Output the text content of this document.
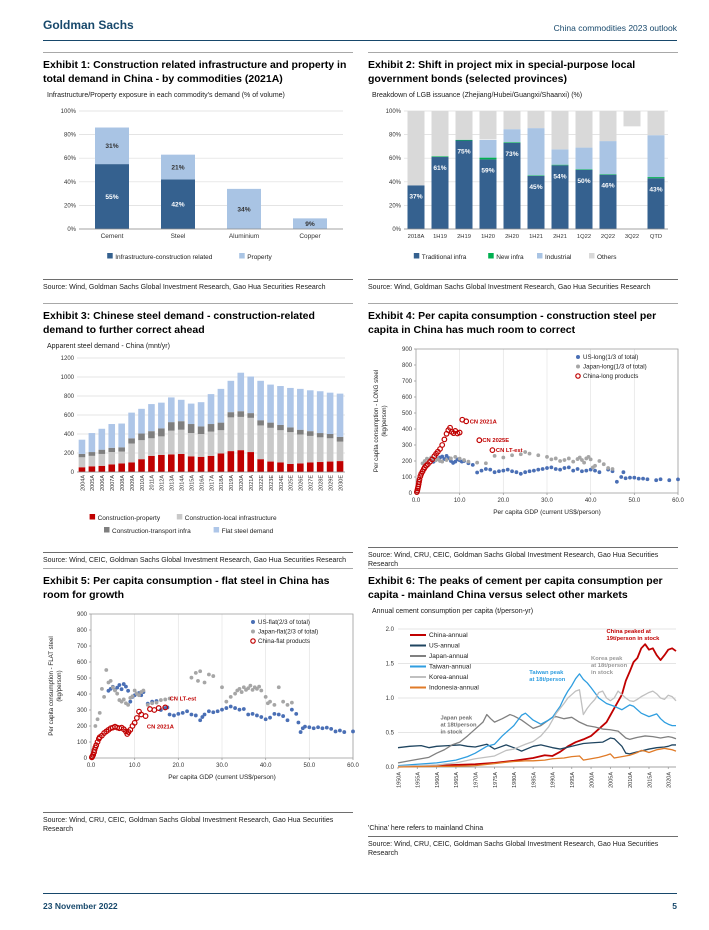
Goldman Sachs	China commodities 2023 outlook
Exhibit 1: Construction related infrastructure and property in total demand in China - by commodities (2021A)
Infrastructure/Property exposure in each commodity's demand (% of volume)
0%
20%
40%
60%
80%
100%
55%
31%
Cement
42%
21%
Steel
34%
Aluminium
9%
Copper
Infrastructure-construction related	Property
Source: Wind, Goldman Sachs Global Investment Research, Gao Hua Securities Research
Exhibit 2: Shift in project mix in special-purpose local government bonds (selected provinces)
Breakdown of LGB issuance (Zhejiang/Hubei/Guangxi/Shaanxi) (%)
0%
20%
40%
60%
80%
100%
37%
2018A
61%
1H19
75%
2H19
59%
1H20
73%
2H20
45%
1H21
54%
2H21
50%
1Q22
46%
2Q22 3Q22
43%
QTD
Traditional infra	New infra	Industrial	Others
Source: Wind, Goldman Sachs Global Investment Research, Gao Hua Securities Research
Exhibit 3: Chinese steel demand - construction-related demand to further correct ahead
Apparent steel demand - China (mnt/yr)
0
200
400
600
800
1000
1200
2004A 2005A 2006A 2007A 2008A 2009A 2010A 2011A 2012A 2013A 2014A 2015A 2016A 2017A 2018A 2019A 2020A 2021A 2022E 2023E 2024E 2025E 2026E 2027E 2028E 2029E 2030E
Construction-property	Construction-local infrastructure
Construction-transport infra	Flat steel demand
Source: Wind, CEIC, Goldman Sachs Global Investment Research, Gao Hua Securities Research
Exhibit 4: Per capita consumption - construction steel per capita in China has much room to correct
0
100
200
300
400
500
600
700
800
900
0.0	10.0	20.0	30.0	40.0	50.0	60.0
US-long(1/3 of total)
Japan-long(1/3 of total)
China-long products
CN 2021A
CN 2025E
CN LT-est
Per capita GDP (current US$/person)
Per capita consumption - LONG steel (kg/person)
Source: Wind, CRU, CEIC, Goldman Sachs Global Investment Research, Gao Hua Securities Research
Exhibit 5: Per capita consumption - flat steel in China has room for growth
0
100
200
300
400
500
600
700
800
900
0.0	10.0	20.0	30.0	40.0	50.0	60.0
US-flat(2/3 of total)
Japan-flat(2/3 of total)
China-flat products
CN LT-est
CN 2021A
Per capita GDP (current US$/person)
Per capita consumption - FLAT steel (kg/person)
Source: Wind, CRU, CEIC, Goldman Sachs Global Investment Research, Gao Hua Securities Research
Exhibit 6: The peaks of cement per capita consumption per capita - mainland China versus select other markets
Annual cement consumption per capita (t/person-yr)
0.0
0.5
1.0
1.5
2.0
1950A 1955A 1960A 1965A 1970A 1975A 1980A 1985A 1990A 1995A 2000A 2005A 2010A 2015A 2020A
China-annual
US-annual
Japan-annual
Taiwan-annual
Korea-annual
Indonesia-annual
China peaked at
19t/person in stock
Korea peak
at 18t/person
in stock
Taiwan peak
at 18t/person
Japan peak
at 18t/person
in stock
'China' here refers to mainland China
Source: Wind, CRU, CEIC, Goldman Sachs Global Investment Research, Gao Hua Securities Research
23 November 2022	5
